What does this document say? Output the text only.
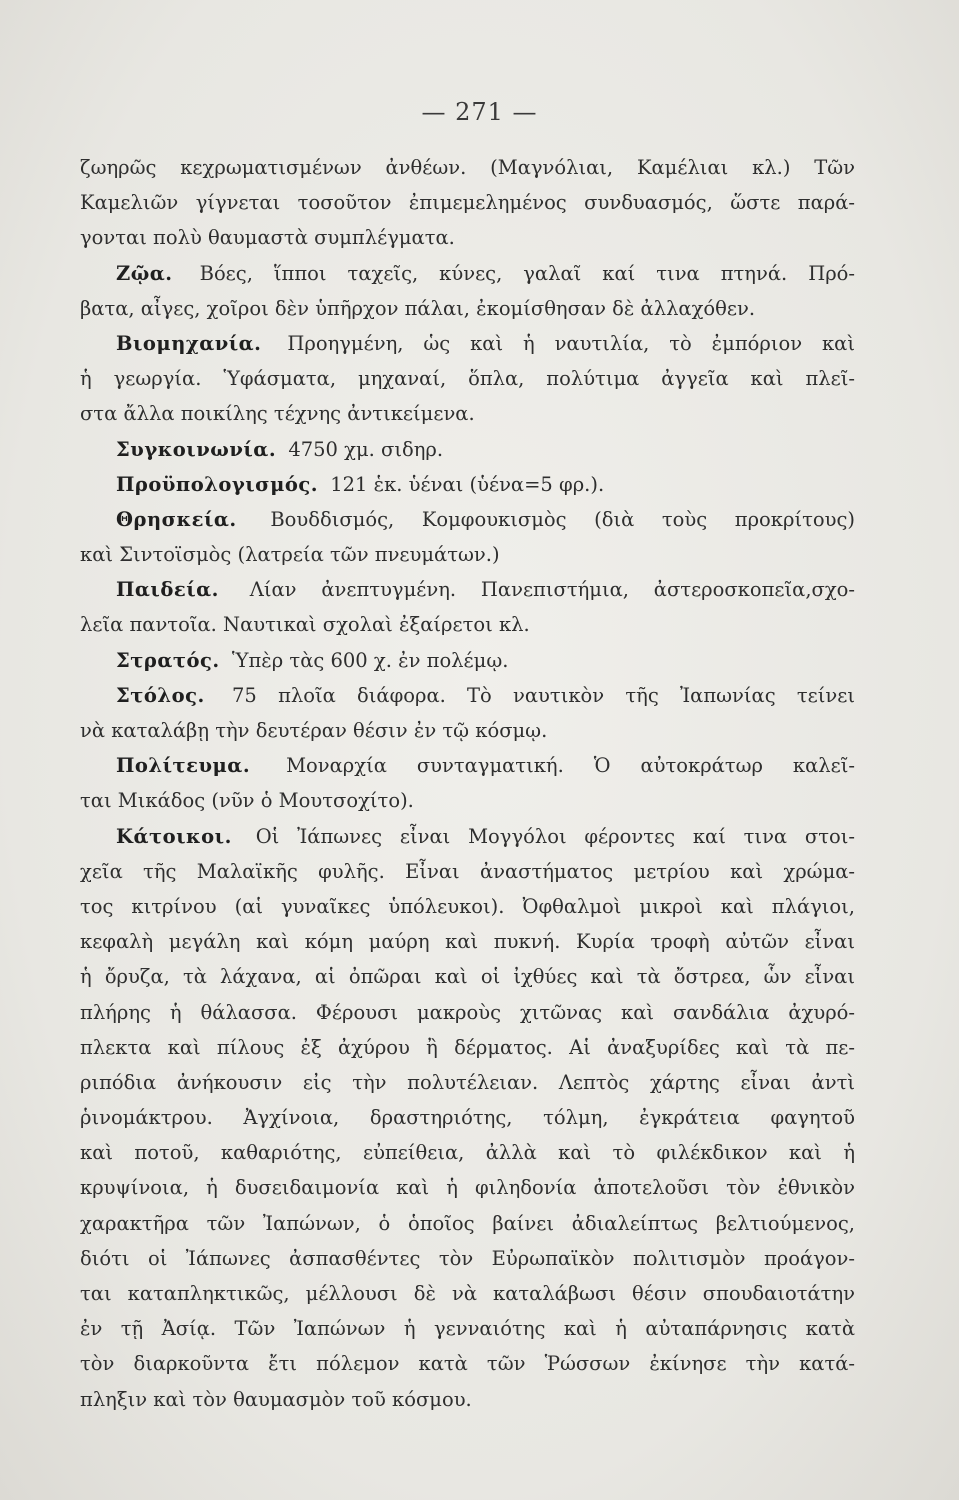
— 271 —
ζωηρῶς κεχρωματισμένων ἀνθέων. (Μαγνόλιαι, Καμέλιαι κλ.) Τῶν
Καμελιῶν γίγνεται τοσοῦτον ἐπιμεμελημένος συνδυασμός, ὥστε παρά-
γονται πολὺ θαυμαστὰ συμπλέγματα.
Ζῷα. Βόες, ἵπποι ταχεῖς, κύνες, γαλαῖ καί τινα πτηνά. Πρό-
βατα, αἶγες, χοῖροι δὲν ὑπῆρχον πάλαι, ἐκομίσθησαν δὲ ἀλλαχόθεν.
Βιομηχανία. Προηγμένη, ὡς καὶ ἡ ναυτιλία, τὸ ἐμπόριον καὶ
ἡ γεωργία. Ὑφάσματα, μηχαναί, ὅπλα, πολύτιμα ἀγγεῖα καὶ πλεῖ-
στα ἄλλα ποικίλης τέχνης ἀντικείμενα.
Συγκοινωνία. 4750 χμ. σιδηρ.
Προϋπολογισμός. 121 ἑκ. ὑέναι (ὑένα=5 φρ.).
Θρησκεία. Βουδδισμός, Κομφουκισμὸς (διὰ τοὺς προκρίτους)
καὶ Σιντοϊσμὸς (λατρεία τῶν πνευμάτων.)
Παιδεία. Λίαν ἀνεπτυγμένη. Πανεπιστήμια, ἀστεροσκοπεῖα,σχο-
λεῖα παντοῖα. Ναυτικαὶ σχολαὶ ἐξαίρετοι κλ.
Στρατός. Ὑπὲρ τὰς 600 χ. ἐν πολέμῳ.
Στόλος. 75 πλοῖα διάφορα. Τὸ ναυτικὸν τῆς Ἰαπωνίας τείνει
νὰ καταλάβῃ τὴν δευτέραν θέσιν ἐν τῷ κόσμῳ.
Πολίτευμα. Μοναρχία συνταγματική. Ὁ αὐτοκράτωρ καλεῖ-
ται Μικάδος (νῦν ὁ Μουτσοχίτο).
Κάτοικοι. Οἱ Ἰάπωνες εἶναι Μογγόλοι φέροντες καί τινα στοι-
χεῖα τῆς Μαλαϊκῆς φυλῆς. Εἶναι ἀναστήματος μετρίου καὶ χρώμα-
τος κιτρίνου (αἱ γυναῖκες ὑπόλευκοι). Ὀφθαλμοὶ μικροὶ καὶ πλάγιοι,
κεφαλὴ μεγάλη καὶ κόμη μαύρη καὶ πυκνή. Κυρία τροφὴ αὐτῶν εἶναι
ἡ ὄρυζα, τὰ λάχανα, αἱ ὀπῶραι καὶ οἱ ἰχθύες καὶ τὰ ὄστρεα, ὧν εἶναι
πλήρης ἡ θάλασσα. Φέρουσι μακροὺς χιτῶνας καὶ σανδάλια ἀχυρό-
πλεκτα καὶ πίλους ἐξ ἀχύρου ἢ δέρματος. Αἱ ἀναξυρίδες καὶ τὰ πε-
ριπόδια ἀνήκουσιν εἰς τὴν πολυτέλειαν. Λεπτὸς χάρτης εἶναι ἀντὶ
ῥινομάκτρου. Ἀγχίνοια, δραστηριότης, τόλμη, ἐγκράτεια φαγητοῦ
καὶ ποτοῦ, καθαριότης, εὐπείθεια, ἀλλὰ καὶ τὸ φιλέκδικον καὶ ἡ
κρυψίνοια, ἡ δυσειδαιμονία καὶ ἡ φιληδονία ἀποτελοῦσι τὸν ἐθνικὸν
χαρακτῆρα τῶν Ἰαπώνων, ὁ ὁποῖος βαίνει ἀδιαλείπτως βελτιούμενος,
διότι οἱ Ἰάπωνες ἀσπασθέντες τὸν Εὐρωπαϊκὸν πολιτισμὸν προάγον-
ται καταπληκτικῶς, μέλλουσι δὲ νὰ καταλάβωσι θέσιν σπουδαιοτάτην
ἐν τῇ Ἀσίᾳ. Τῶν Ἰαπώνων ἡ γενναιότης καὶ ἡ αὐταπάρνησις κατὰ
τὸν διαρκοῦντα ἔτι πόλεμον κατὰ τῶν Ῥώσσων ἐκίνησε τὴν κατά-
πληξιν καὶ τὸν θαυμασμὸν τοῦ κόσμου.
